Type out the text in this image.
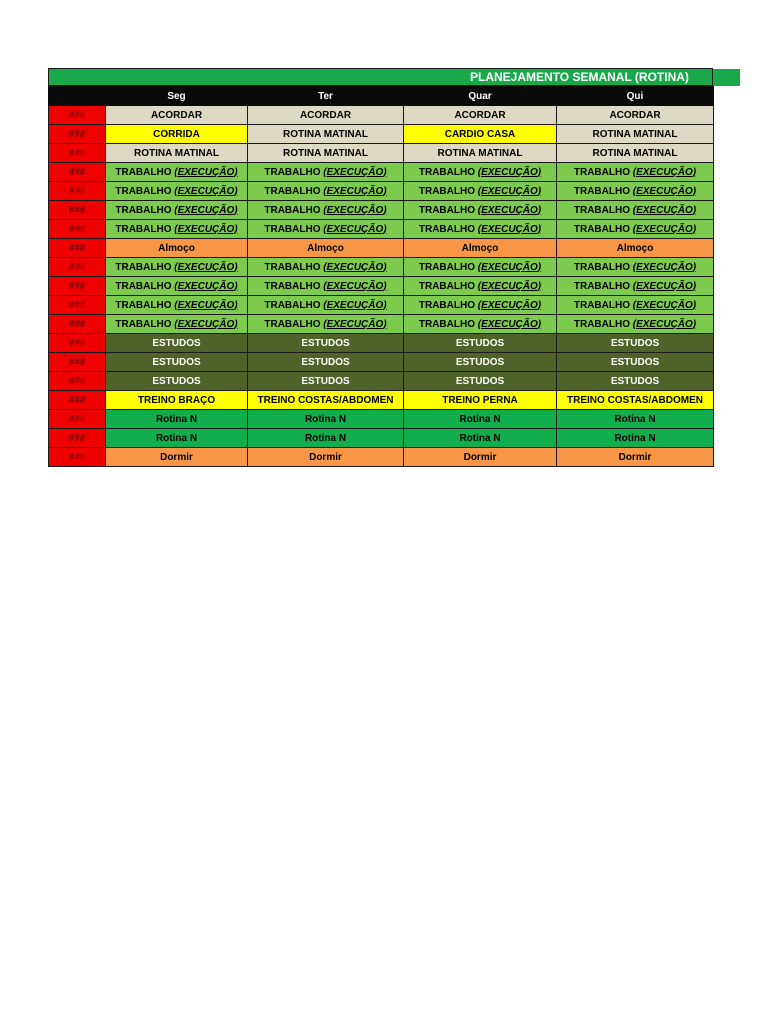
PLANEJAMENTO SEMANAL (ROTINA)
	Seg	Ter	Quar	Qui
###	ACORDAR	ACORDAR	ACORDAR	ACORDAR
###	CORRIDA	ROTINA MATINAL	CARDIO CASA	ROTINA MATINAL
###	ROTINA MATINAL	ROTINA MATINAL	ROTINA MATINAL	ROTINA MATINAL
###	TRABALHO (EXECUÇÃO)	TRABALHO (EXECUÇÃO)	TRABALHO (EXECUÇÃO)	TRABALHO (EXECUÇÃO)
###	TRABALHO (EXECUÇÃO)	TRABALHO (EXECUÇÃO)	TRABALHO (EXECUÇÃO)	TRABALHO (EXECUÇÃO)
###	TRABALHO (EXECUÇÃO)	TRABALHO (EXECUÇÃO)	TRABALHO (EXECUÇÃO)	TRABALHO (EXECUÇÃO)
###	TRABALHO (EXECUÇÃO)	TRABALHO (EXECUÇÃO)	TRABALHO (EXECUÇÃO)	TRABALHO (EXECUÇÃO)
###	Almoço	Almoço	Almoço	Almoço
###	TRABALHO (EXECUÇÃO)	TRABALHO (EXECUÇÃO)	TRABALHO (EXECUÇÃO)	TRABALHO (EXECUÇÃO)
###	TRABALHO (EXECUÇÃO)	TRABALHO (EXECUÇÃO)	TRABALHO (EXECUÇÃO)	TRABALHO (EXECUÇÃO)
###	TRABALHO (EXECUÇÃO)	TRABALHO (EXECUÇÃO)	TRABALHO (EXECUÇÃO)	TRABALHO (EXECUÇÃO)
###	TRABALHO (EXECUÇÃO)	TRABALHO (EXECUÇÃO)	TRABALHO (EXECUÇÃO)	TRABALHO (EXECUÇÃO)
###	ESTUDOS	ESTUDOS	ESTUDOS	ESTUDOS
###	ESTUDOS	ESTUDOS	ESTUDOS	ESTUDOS
###	ESTUDOS	ESTUDOS	ESTUDOS	ESTUDOS
###	TREINO BRAÇO	TREINO COSTAS/ABDOMEN	TREINO PERNA	TREINO COSTAS/ABDOMEN
###	Rotina N	Rotina N	Rotina N	Rotina N
###	Rotina N	Rotina N	Rotina N	Rotina N
###	Dormir	Dormir	Dormir	Dormir
